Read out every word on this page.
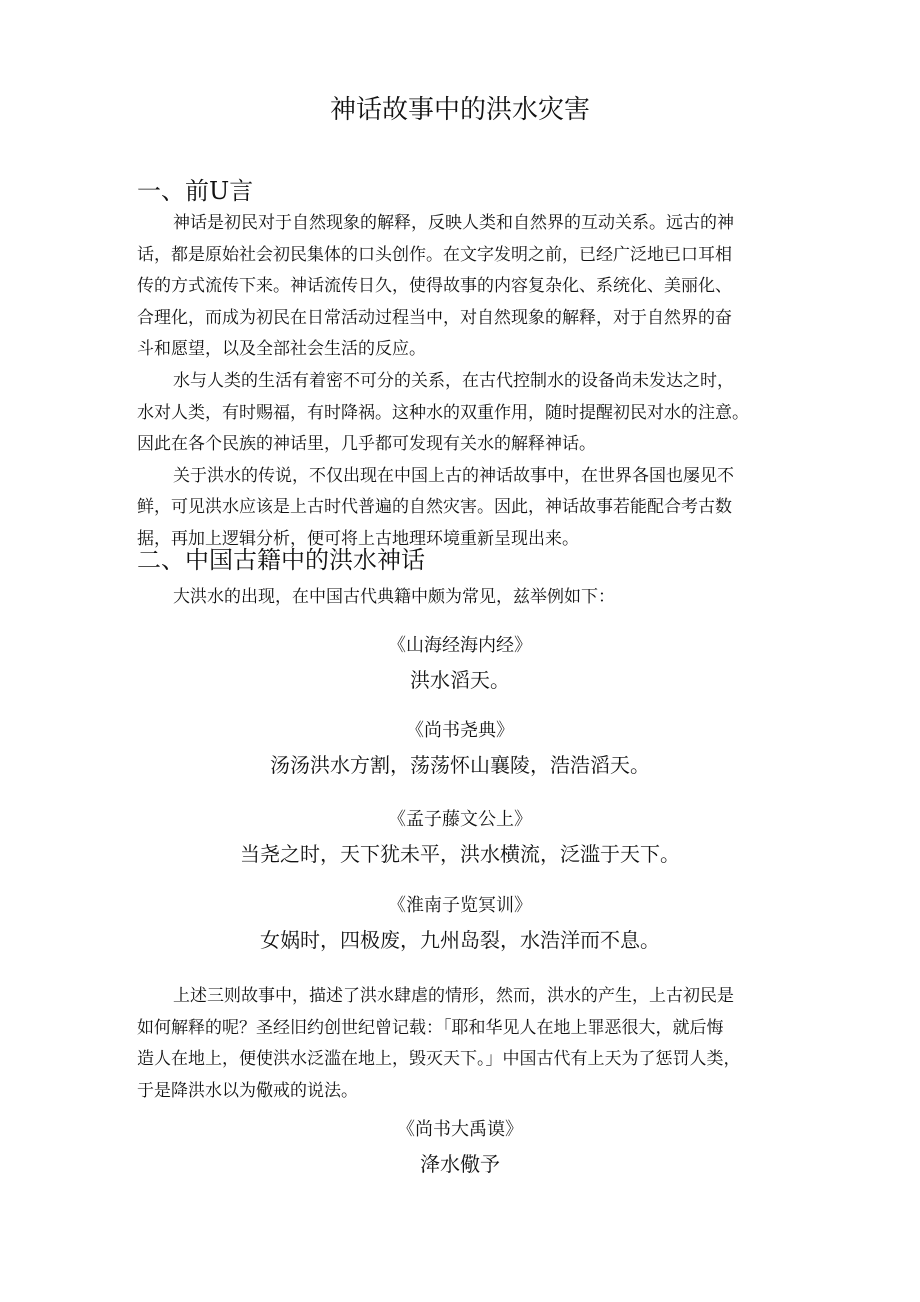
神话故事中的洪水灾害
一、前U言
神话是初民对于自然现象的解释，反映人类和自然界的互动关系。远古的神
话，都是原始社会初民集体的口头创作。在文字发明之前，已经广泛地已口耳相
传的方式流传下来。神话流传日久，使得故事的内容复杂化、系统化、美丽化、
合理化，而成为初民在日常活动过程当中，对自然现象的解释，对于自然界的奋
斗和愿望，以及全部社会生活的反应。
水与人类的生活有着密不可分的关系，在古代控制水的设备尚未发达之时，
水对人类，有时赐福，有时降祸。这种水的双重作用，随时提醒初民对水的注意。
因此在各个民族的神话里，几乎都可发现有关水的解释神话。
关于洪水的传说，不仅出现在中国上古的神话故事中，在世界各国也屡见不
鲜，可见洪水应该是上古时代普遍的自然灾害。因此，神话故事若能配合考古数
据，再加上逻辑分析，便可将上古地理环境重新呈现出来。
二、中国古籍中的洪水神话
大洪水的出现，在中国古代典籍中颇为常见，兹举例如下：
《山海经海内经》
洪水滔天。
《尚书尧典》
汤汤洪水方割，荡荡怀山襄陵，浩浩滔天。
《孟子藤文公上》
当尧之时，天下犹未平，洪水横流，泛滥于天下。
《淮南子览冥训》
女娲时，四极废，九州岛裂，水浩洋而不息。
上述三则故事中，描述了洪水肆虐的情形，然而，洪水的产生，上古初民是
如何解释的呢？圣经旧约创世纪曾记载：「耶和华见人在地上罪恶很大，就后悔
造人在地上，便使洪水泛滥在地上，毁灭天下。」中国古代有上天为了惩罚人类，
于是降洪水以为儆戒的说法。
《尚书大禹谟》
洚水儆予
